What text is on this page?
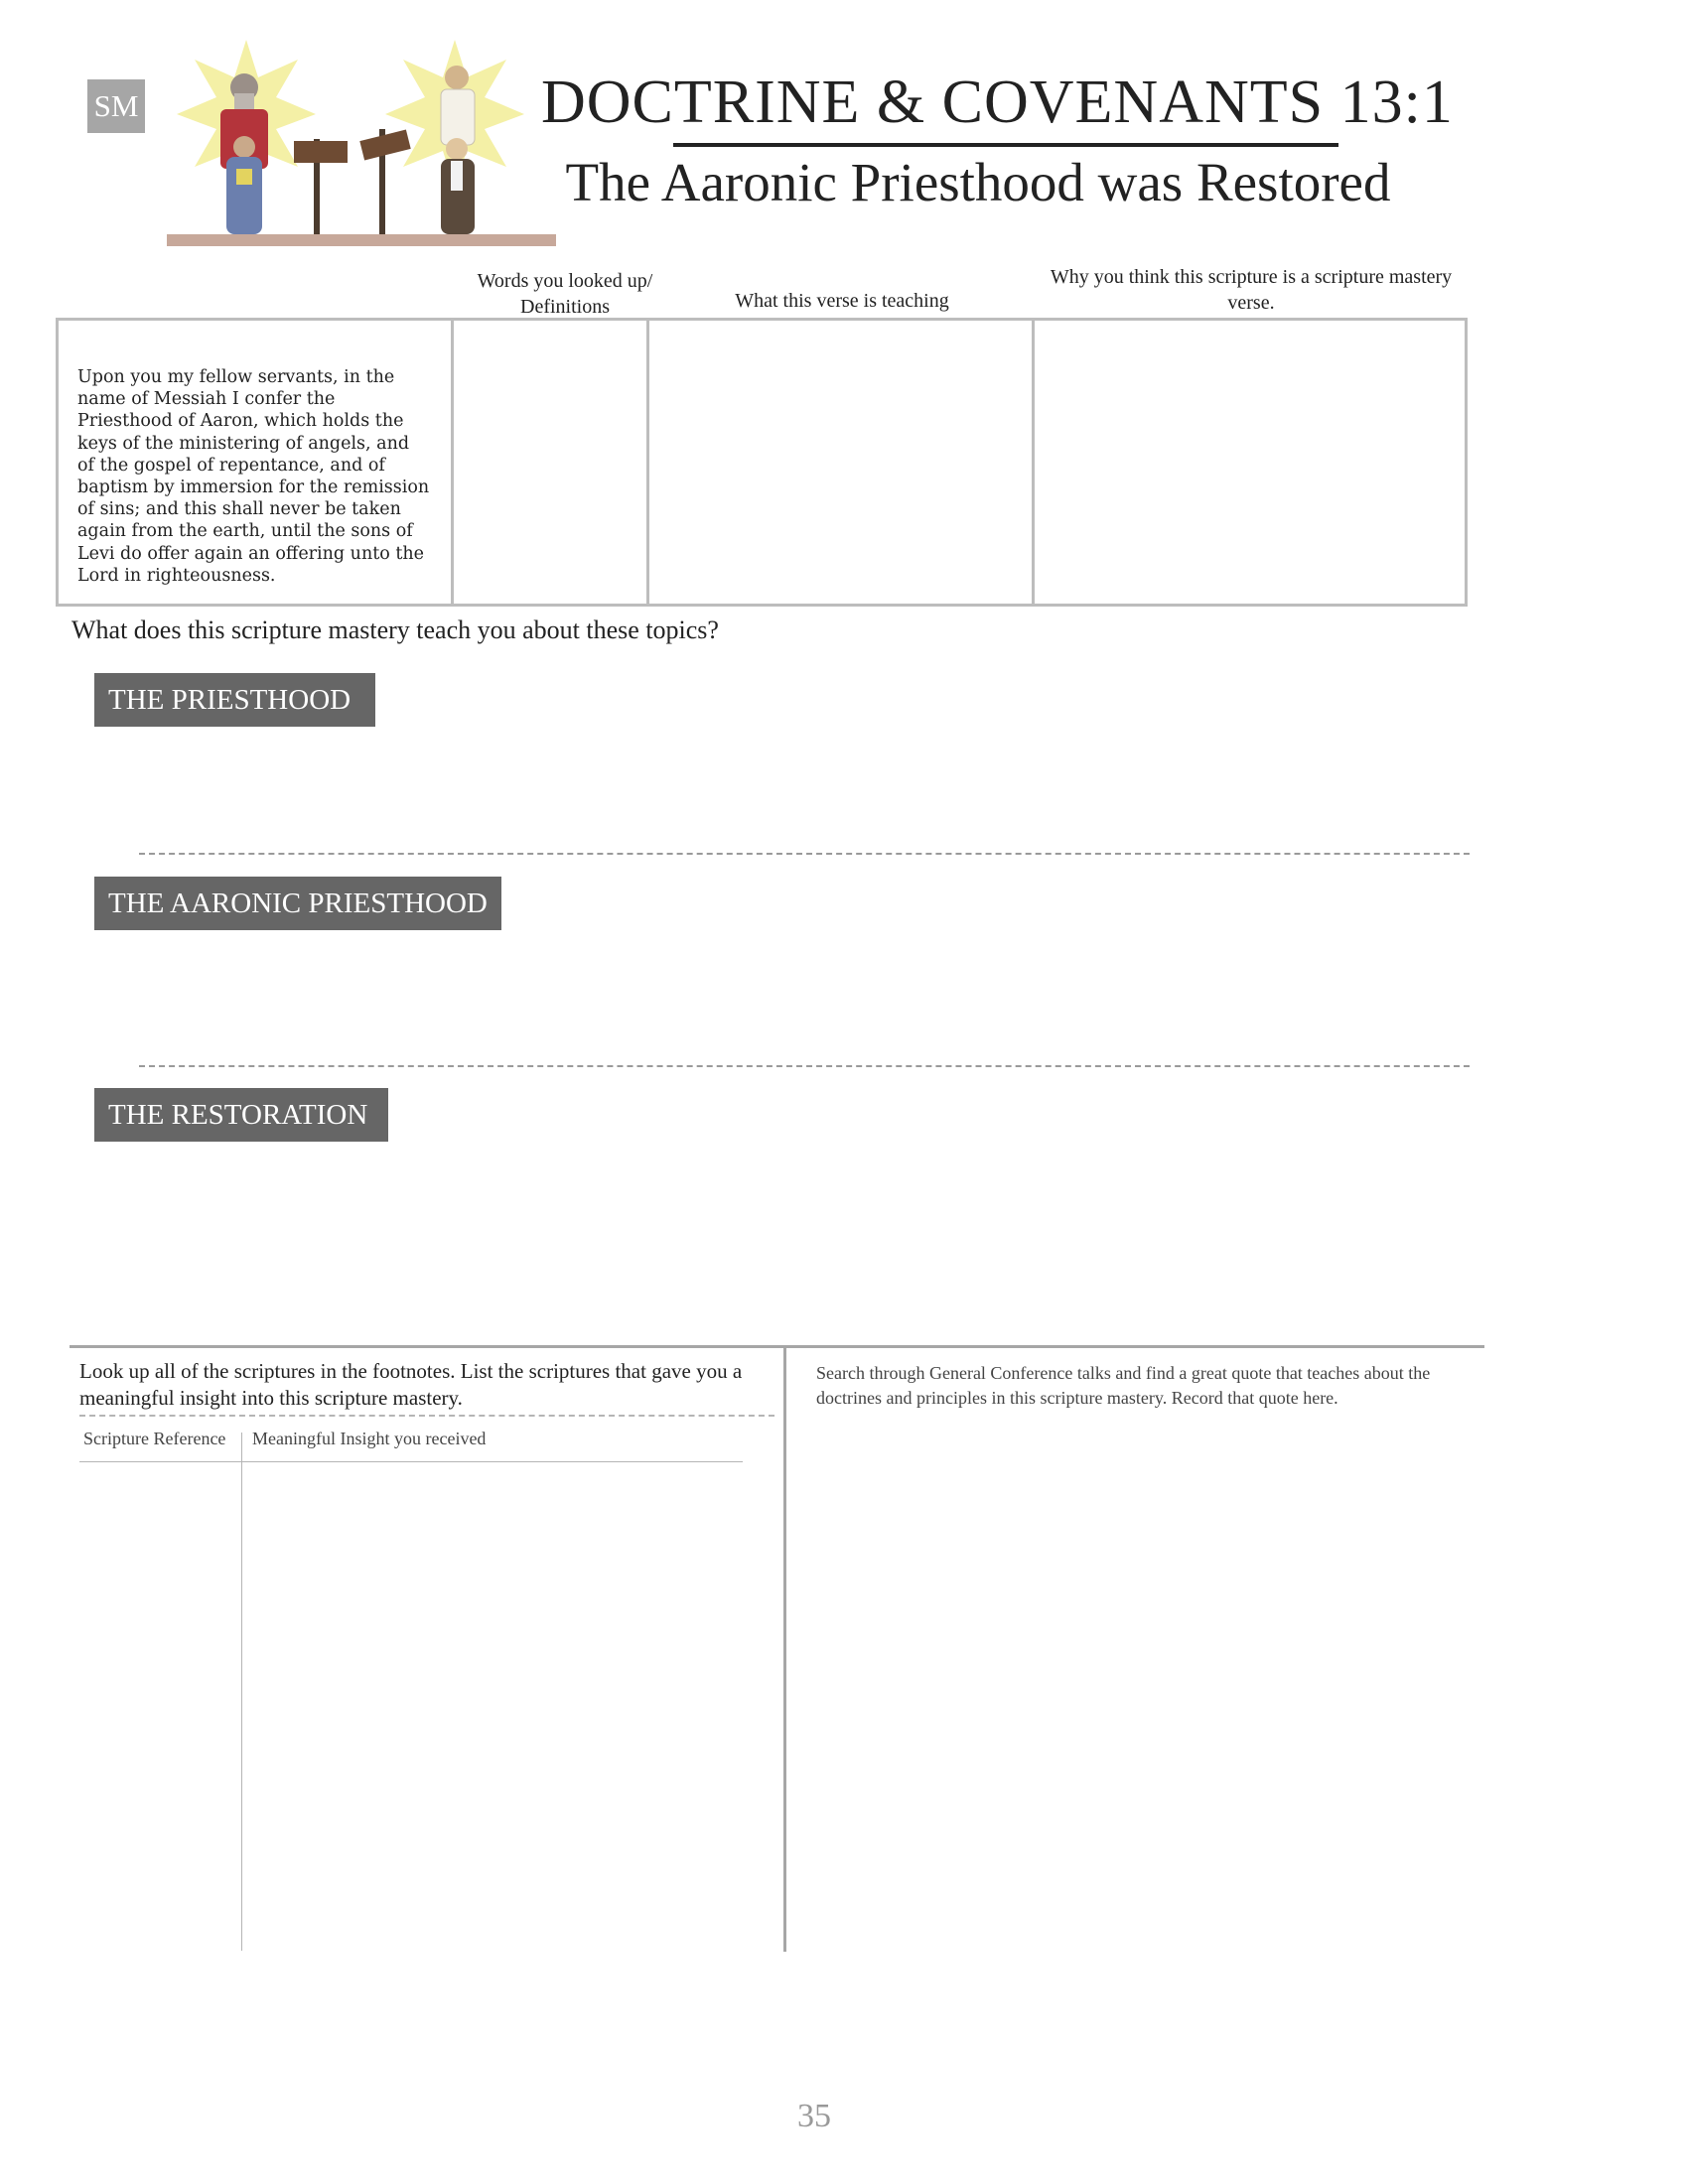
SM	DOCTRINE & COVENANTS 13:1
The Aaronic Priesthood was Restored
Words you looked up/ Definitions	What this verse is teaching
Why you think this scripture is a scripture mastery verse.
Upon you my fellow servants, in the name of Messiah I confer the Priesthood of Aaron, which holds the keys of the ministering of angels, and of the gospel of repentance, and of baptism by immersion for the remission of sins; and this shall never be taken again from the earth, until the sons of Levi do offer again an offering unto the Lord in righteousness.
What does this scripture mastery teach you about these topics?
THE PRIESTHOOD
THE AARONIC PRIESTHOOD
THE RESTORATION
Look up all of the scriptures in the footnotes. List the scriptures that gave you a meaningful insight into this scripture mastery.
Scripture Reference Meaningful Insight you received
Search through General Conference talks and find a great quote that teaches about the doctrines and principles in this scripture mastery. Record that quote here.
35
